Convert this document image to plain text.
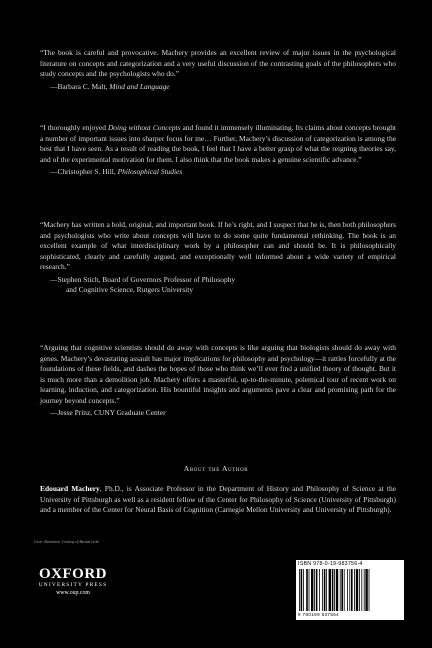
“The book is careful and provocative. Machery provides an excellent review of major issues in the psychological literature on concepts and categorization and a very useful discussion of the contrasting goals of the philosophers who study concepts and the psychologists who do.”

—Barbara C. Malt, Mind and Language

“I thoroughly enjoyed Doing without Concepts and found it immensely illuminating. Its claims about concepts brought a number of important issues into sharper focus for me… Further, Machery’s discussion of categorization is among the best that I have seen. As a result of reading the book, I feel that I have a better grasp of what the reigning theories say, and of the experimental motivation for them. I also think that the book makes a genuine scientific advance.”

—Christopher S. Hill, Philosophical Studies

“Machery has written a bold, original, and important book. If he’s right, and I suspect that he is, then both philosophers and psychologists who write about concepts will have to do some quite fundamental rethinking. The book is an excellent example of what interdisciplinary work by a philosopher can and should be. It is philosophically sophisticated, clearly and carefully argued, and exceptionally well informed about a wide variety of empirical research.”

—Stephen Stich, Board of Governors Professor of Philosophy

and Cognitive Science, Rutgers University

“Arguing that cognitive scientists should do away with concepts is like arguing that biologists should do away with genes. Machery’s devastating assault has major implications for philosophy and psychology—it rattles forcefully at the foundations of these fields, and dashes the hopes of those who think we’ll ever find a unified theory of thought. But it is much more than a demolition job. Machery offers a masterful, up-to-the-minute, polemical tour of recent work on learning, induction, and categorization. His bountiful insights and arguments pave a clear and promising path for the journey beyond concepts.”

—Jesse Prinz, CUNY Graduate Center

About the Author
Edouard Machery, Ph.D., is Associate Professor in the Department of History and Philosophy of Science at the University of Pittsburgh as well as a resident fellow of the Center for Philosophy of Science (University of Pittsburgh) and a member of the Center for Neural Basis of Cognition (Carnegie Mellon University and University of Pittsburgh).
Cover illustration: Courtesy of Bastian Liebe
OXFORD
UNIVERSITY PRESS
www.oup.com
ISBN 978-0-19-983756-4
9 780199 837564
